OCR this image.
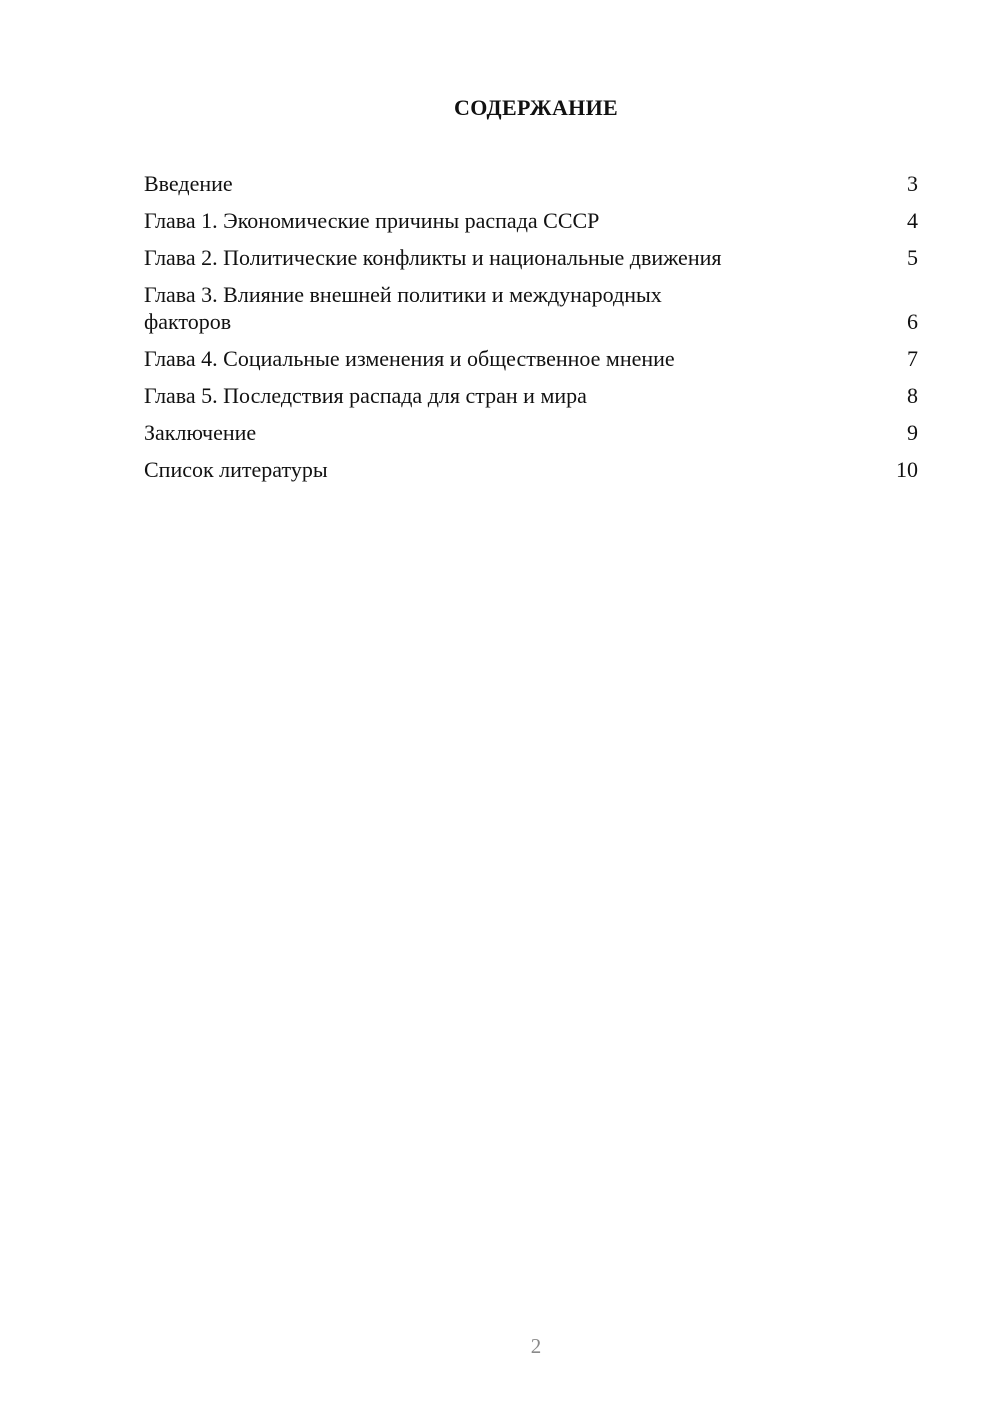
СОДЕРЖАНИЕ
Введение	3
Глава 1. Экономические причины распада СССР	4
Глава 2. Политические конфликты и национальные движения	5
Глава 3. Влияние внешней политики и международных факторов	6
Глава 4. Социальные изменения и общественное мнение	7
Глава 5. Последствия распада для стран и мира	8
Заключение	9
Список литературы	10
2
